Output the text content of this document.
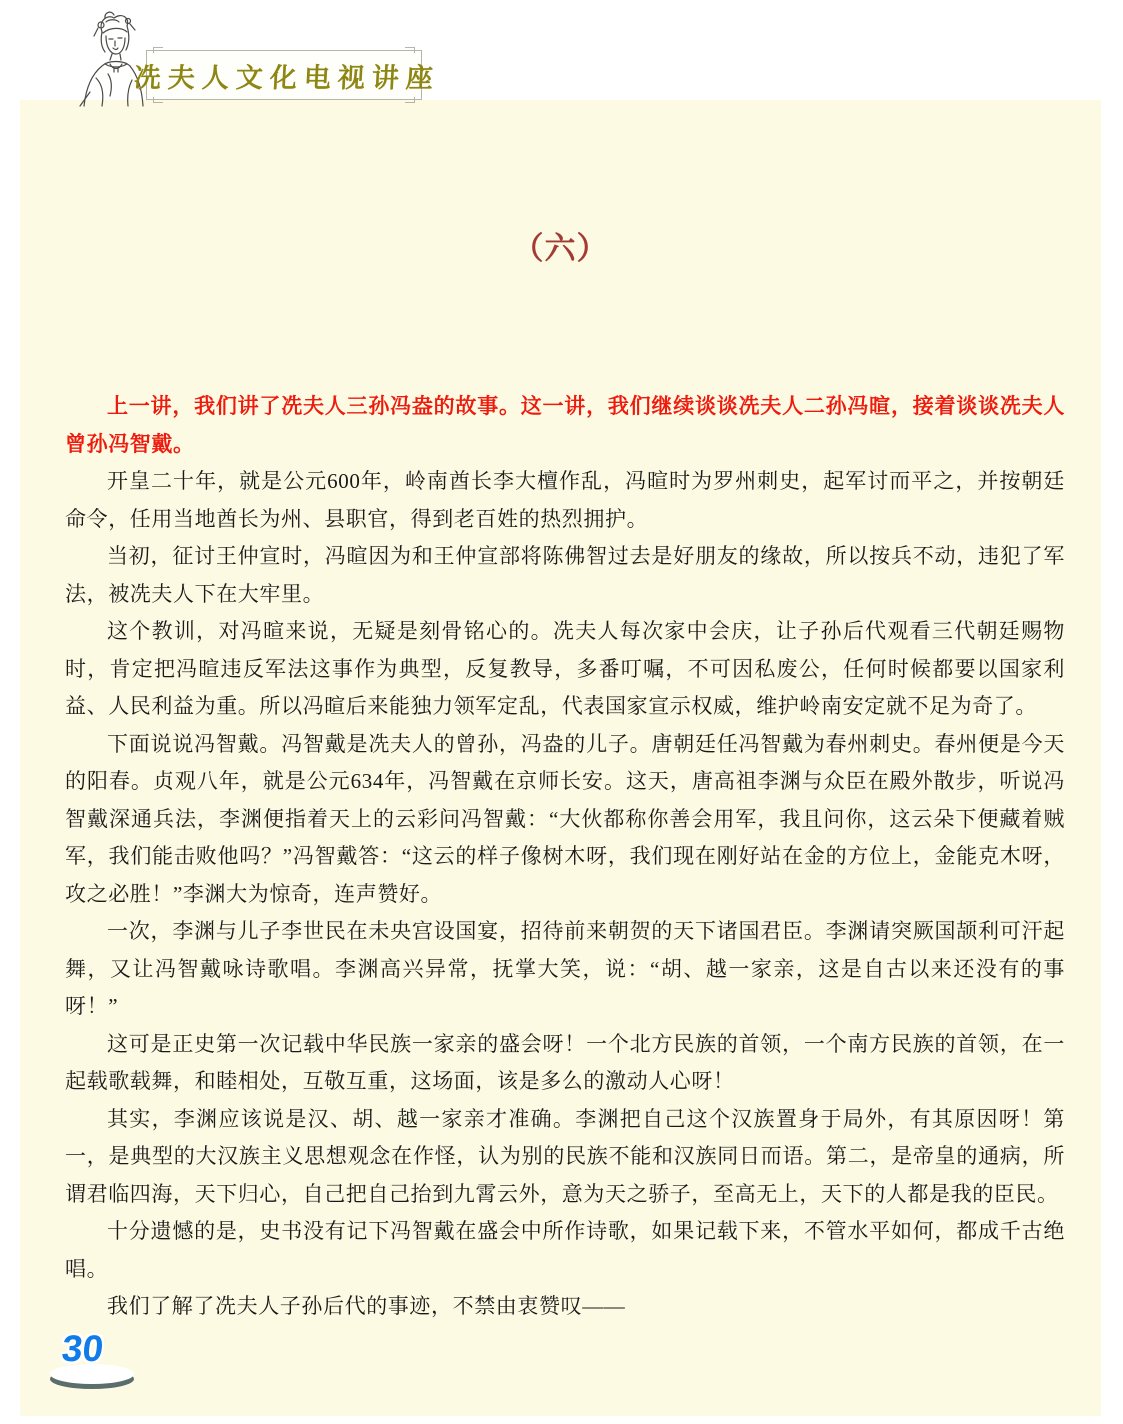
冼夫人文化电视讲座
（六）

上一讲，我们讲了冼夫人三孙冯盎的故事。这一讲，我们继续谈谈冼夫人二孙冯暄，接着谈谈冼夫人曾孙冯智戴。

开皇二十年，就是公元600年，岭南酋长李大檀作乱，冯暄时为罗州刺史，起军讨而平之，并按朝廷命令，任用当地酋长为州、县职官，得到老百姓的热烈拥护。

当初，征讨王仲宣时，冯暄因为和王仲宣部将陈佛智过去是好朋友的缘故，所以按兵不动，违犯了军法，被冼夫人下在大牢里。

这个教训，对冯暄来说，无疑是刻骨铭心的。冼夫人每次家中会庆，让子孙后代观看三代朝廷赐物时，肯定把冯暄违反军法这事作为典型，反复教导，多番叮嘱，不可因私废公，任何时候都要以国家利益、人民利益为重。所以冯暄后来能独力领军定乱，代表国家宣示权威，维护岭南安定就不足为奇了。

下面说说冯智戴。冯智戴是冼夫人的曾孙，冯盎的儿子。唐朝廷任冯智戴为春州刺史。春州便是今天的阳春。贞观八年，就是公元634年，冯智戴在京师长安。这天，唐高祖李渊与众臣在殿外散步，听说冯智戴深通兵法，李渊便指着天上的云彩问冯智戴：“大伙都称你善会用军，我且问你，这云朵下便藏着贼军，我们能击败他吗？”冯智戴答：“这云的样子像树木呀，我们现在刚好站在金的方位上，金能克木呀，攻之必胜！”李渊大为惊奇，连声赞好。

一次，李渊与儿子李世民在未央宫设国宴，招待前来朝贺的天下诸国君臣。李渊请突厥国颉利可汗起舞，又让冯智戴咏诗歌唱。李渊高兴异常，抚掌大笑，说：“胡、越一家亲，这是自古以来还没有的事呀！”

这可是正史第一次记载中华民族一家亲的盛会呀！一个北方民族的首领，一个南方民族的首领，在一起载歌载舞，和睦相处，互敬互重，这场面，该是多么的激动人心呀！

其实，李渊应该说是汉、胡、越一家亲才准确。李渊把自己这个汉族置身于局外，有其原因呀！第一，是典型的大汉族主义思想观念在作怪，认为别的民族不能和汉族同日而语。第二，是帝皇的通病，所谓君临四海，天下归心，自己把自己抬到九霄云外，意为天之骄子，至高无上，天下的人都是我的臣民。

十分遗憾的是，史书没有记下冯智戴在盛会中所作诗歌，如果记载下来，不管水平如何，都成千古绝唱。

我们了解了冼夫人子孙后代的事迹，不禁由衷赞叹——

30
